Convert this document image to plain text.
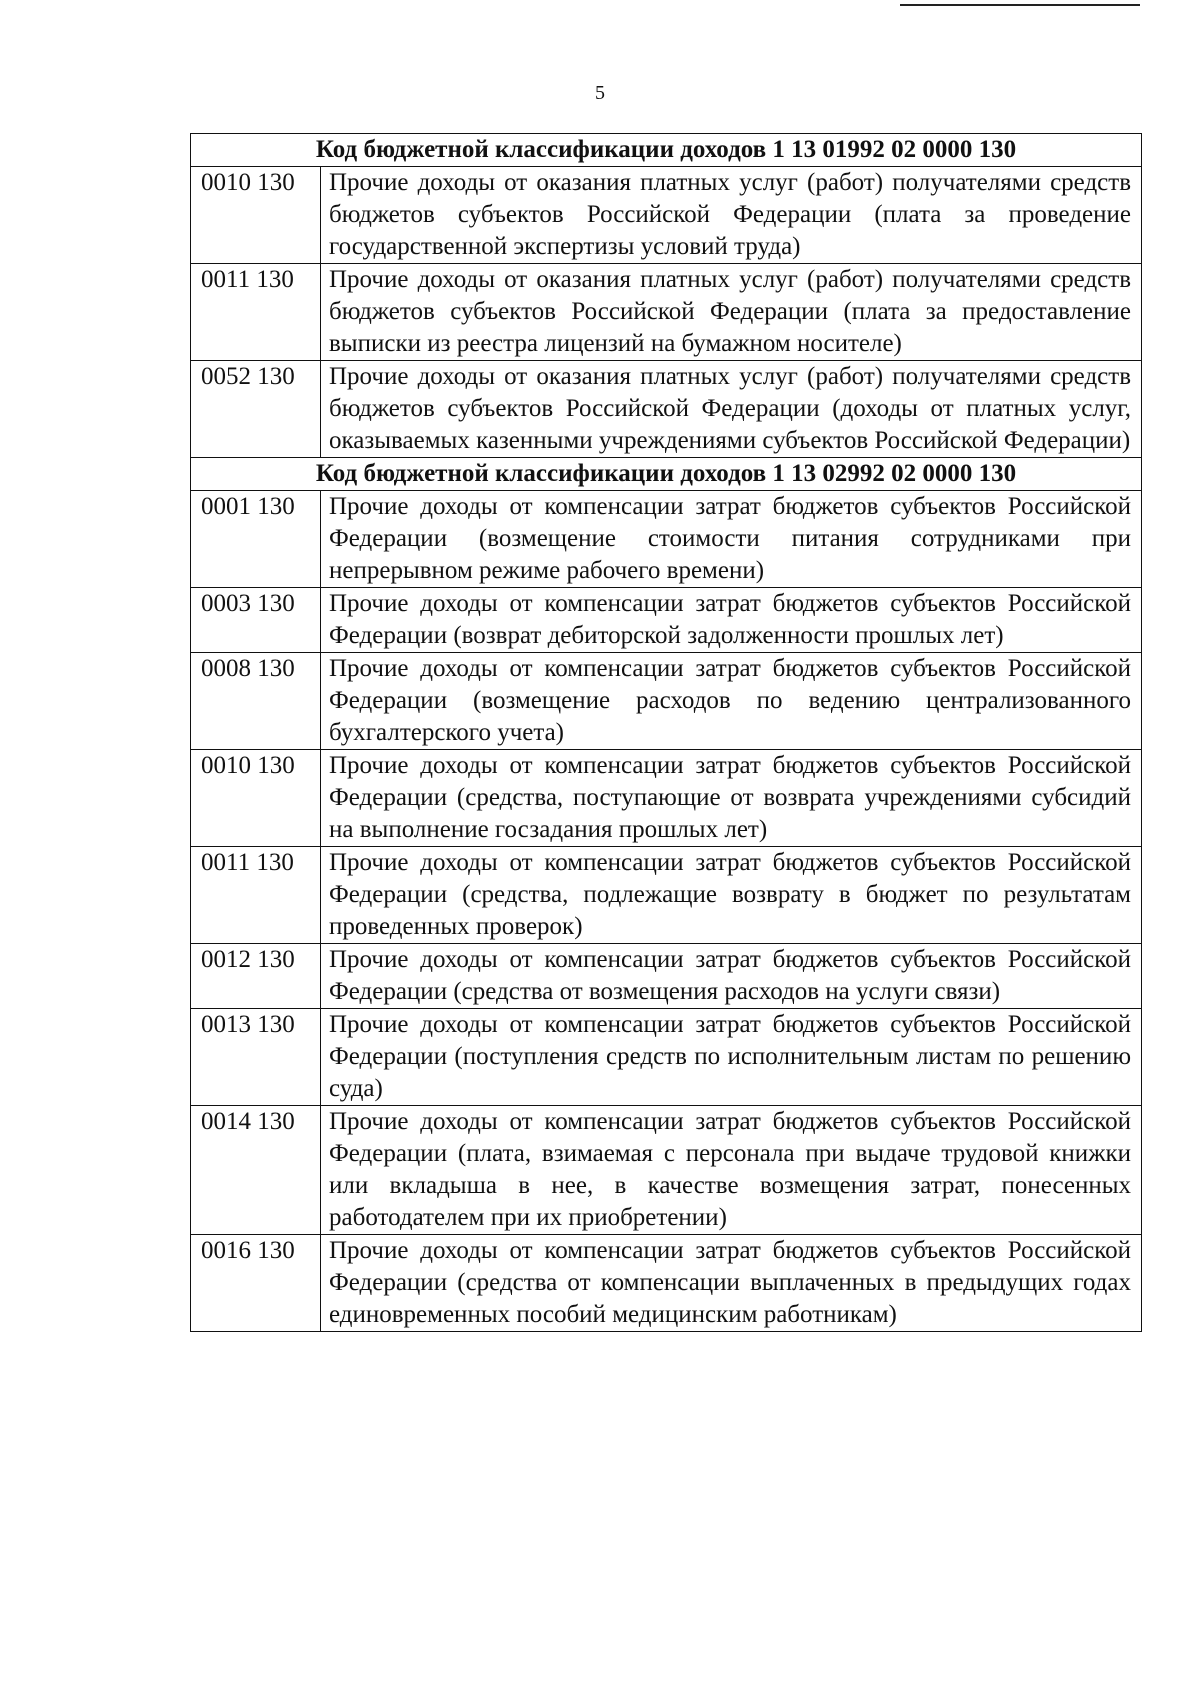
5
Код бюджетной классификации доходов 1 13 01992 02 0000 130	
0010 130	Прочие доходы от оказания платных услуг (работ) получателями средств бюджетов субъектов Российской Федерации (плата за проведение государственной экспертизы условий труда)
0011 130	Прочие доходы от оказания платных услуг (работ) получателями средств бюджетов субъектов Российской Федерации (плата за предоставление выписки из реестра лицензий на бумажном носителе)
0052 130	Прочие доходы от оказания платных услуг (работ) получателями средств бюджетов субъектов Российской Федерации (доходы от платных услуг, оказываемых казенными учреждениями субъектов Российской Федерации)
Код бюджетной классификации доходов 1 13 02992 02 0000 130	
0001 130	Прочие доходы от компенсации затрат бюджетов субъектов Российской Федерации (возмещение стоимости питания сотрудниками при непрерывном режиме рабочего времени)
0003 130	Прочие доходы от компенсации затрат бюджетов субъектов Российской Федерации (возврат дебиторской задолженности прошлых лет)
0008 130	Прочие доходы от компенсации затрат бюджетов субъектов Российской Федерации (возмещение расходов по ведению централизованного бухгалтерского учета)
0010 130	Прочие доходы от компенсации затрат бюджетов субъектов Российской Федерации (средства, поступающие от возврата учреждениями субсидий на выполнение госзадания прошлых лет)
0011 130	Прочие доходы от компенсации затрат бюджетов субъектов Российской Федерации (средства, подлежащие возврату в бюджет по результатам проведенных проверок)
0012 130	Прочие доходы от компенсации затрат бюджетов субъектов Российской Федерации (средства от возмещения расходов на услуги связи)
0013 130	Прочие доходы от компенсации затрат бюджетов субъектов Российской Федерации (поступления средств по исполнительным листам по решению суда)
0014 130	Прочие доходы от компенсации затрат бюджетов субъектов Российской Федерации (плата, взимаемая с персонала при выдаче трудовой книжки или вкладыша в нее, в качестве возмещения затрат, понесенных работодателем при их приобретении)
0016 130	Прочие доходы от компенсации затрат бюджетов субъектов Российской Федерации (средства от компенсации выплаченных в предыдущих годах единовременных пособий медицинским работникам)
